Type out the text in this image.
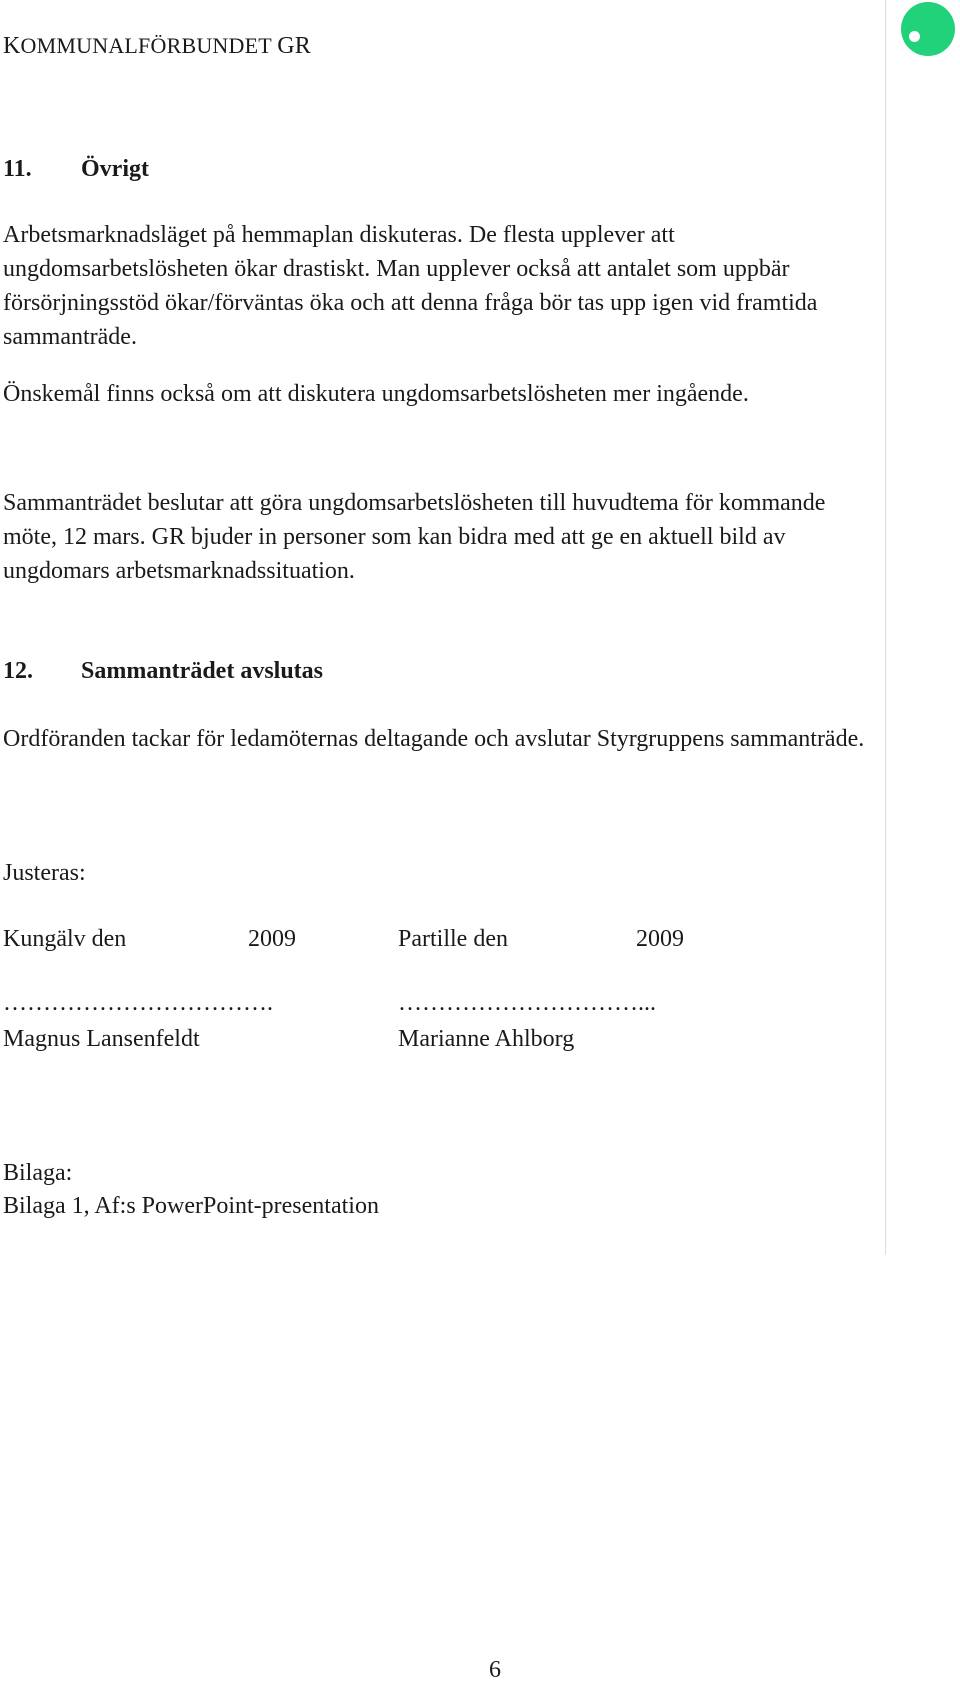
KOMMUNALFÖRBUNDET GR
11. Övrigt
Arbetsmarknadsläget på hemmaplan diskuteras. De flesta upplever att ungdomsarbetslösheten ökar drastiskt. Man upplever också att antalet som uppbär försörjningsstöd ökar/förväntas öka och att denna fråga bör tas upp igen vid framtida sammanträde.
Önskemål finns också om att diskutera ungdomsarbetslösheten mer ingående.
Sammanträdet beslutar att göra ungdomsarbetslösheten till huvudtema för kommande möte, 12 mars. GR bjuder in personer som kan bidra med att ge en aktuell bild av ungdomars arbetsmarknadssituation.
12. Sammanträdet avslutas
Ordföranden tackar för ledamöternas deltagande och avslutar Styrgruppens sammanträde.
Justeras:
Kungälv den	2009	Partille den	2009
…………………………….	…………………………...
Magnus Lansenfeldt	Marianne Ahlborg
Bilaga:
Bilaga 1, Af:s PowerPoint-presentation
6
